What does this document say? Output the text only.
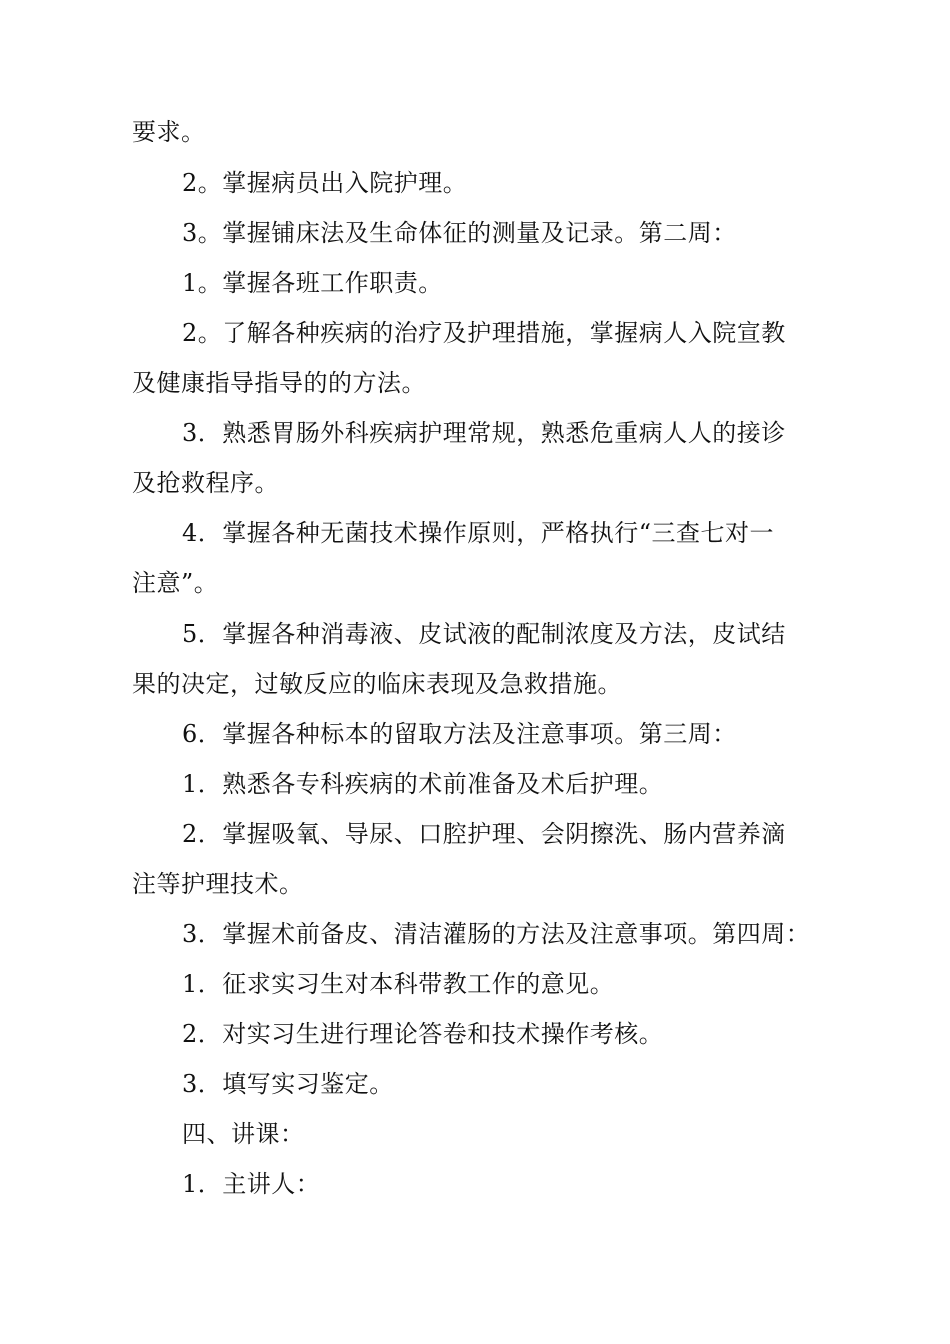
要求。
2。掌握病员出入院护理。
3。掌握铺床法及生命体征的测量及记录。第二周：
1。掌握各班工作职责。
2。了解各种疾病的治疗及护理措施，掌握病人入院宣教
及健康指导指导的的方法。
3．熟悉胃肠外科疾病护理常规，熟悉危重病人人的接诊
及抢救程序。
4．掌握各种无菌技术操作原则，严格执行“三查七对一
注意”。
5．掌握各种消毒液、皮试液的配制浓度及方法，皮试结
果的决定，过敏反应的临床表现及急救措施。
6．掌握各种标本的留取方法及注意事项。第三周：
1．熟悉各专科疾病的术前准备及术后护理。
2．掌握吸氧、导尿、口腔护理、会阴擦洗、肠内营养滴
注等护理技术。
3．掌握术前备皮、清洁灌肠的方法及注意事项。第四周：
1．征求实习生对本科带教工作的意见。
2．对实习生进行理论答卷和技术操作考核。
3．填写实习鉴定。
四、讲课：
1．主讲人：
